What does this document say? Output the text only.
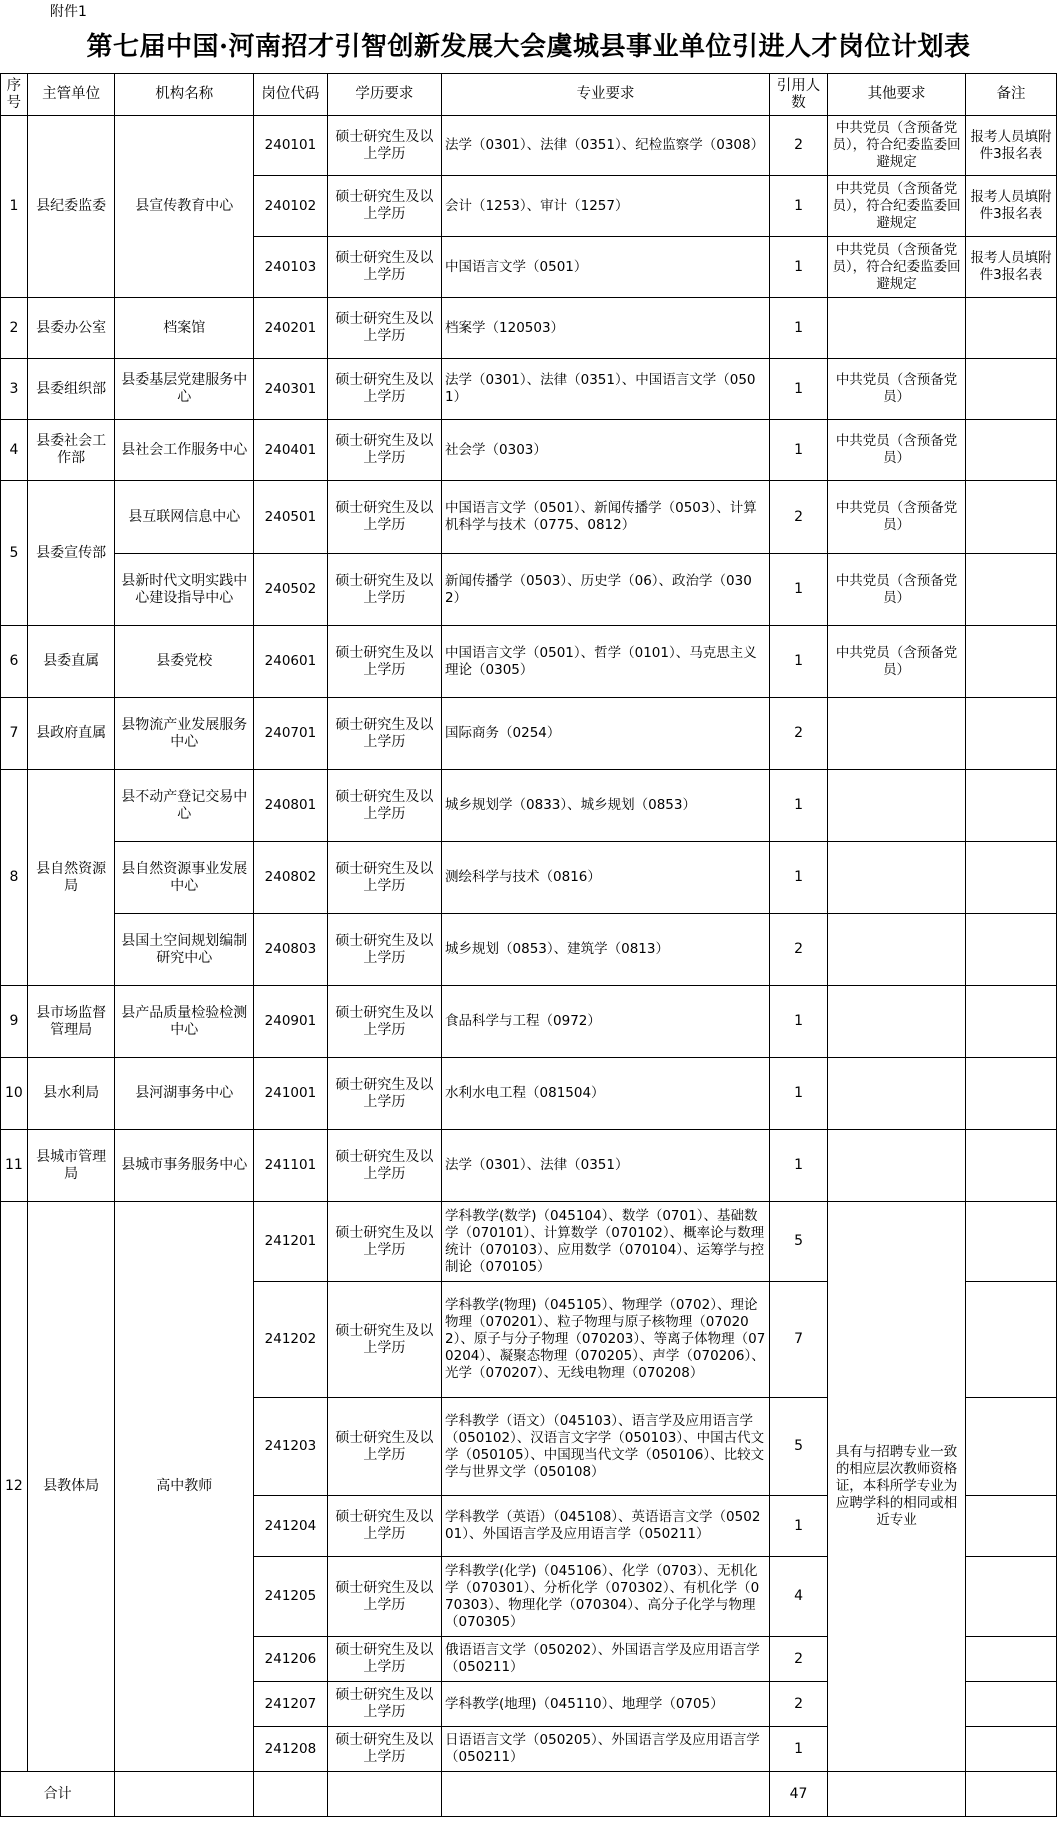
附件1
第七届中国·河南招才引智创新发展大会虞城县事业单位引进人才岗位计划表
序号	主管单位	机构名称	岗位代码	学历要求	专业要求	引用人数	其他要求	备注
1	县纪委监委	县宣传教育中心	240101	硕士研究生及以上学历	法学（0301）、法律（0351）、纪检监察学（0308）	2	中共党员（含预备党员），符合纪委监委回避规定	报考人员填附件3报名表
			240102	硕士研究生及以上学历	会计（1253）、审计（1257）	1	中共党员（含预备党员），符合纪委监委回避规定	报考人员填附件3报名表
			240103	硕士研究生及以上学历	中国语言文学（0501）	1	中共党员（含预备党员），符合纪委监委回避规定	报考人员填附件3报名表
2	县委办公室	档案馆	240201	硕士研究生及以上学历	档案学（120503）	1		
3	县委组织部	县委基层党建服务中心	240301	硕士研究生及以上学历	法学（0301）、法律（0351）、中国语言文学（0501）	1	中共党员（含预备党员）	
4	县委社会工作部	县社会工作服务中心	240401	硕士研究生及以上学历	社会学（0303）	1	中共党员（含预备党员）	
5	县委宣传部	县互联网信息中心	240501	硕士研究生及以上学历	中国语言文学（0501）、新闻传播学（0503）、计算机科学与技术（0775、0812）	2	中共党员（含预备党员）	
		县新时代文明实践中心建设指导中心	240502	硕士研究生及以上学历	新闻传播学（0503）、历史学（06）、政治学（0302）	1	中共党员（含预备党员）	
6	县委直属	县委党校	240601	硕士研究生及以上学历	中国语言文学（0501）、哲学（0101）、马克思主义理论（0305）	1	中共党员（含预备党员）	
7	县政府直属	县物流产业发展服务中心	240701	硕士研究生及以上学历	国际商务（0254）	2		
8	县自然资源局	县不动产登记交易中心	240801	硕士研究生及以上学历	城乡规划学（0833）、城乡规划（0853）	1		
		县自然资源事业发展中心	240802	硕士研究生及以上学历	测绘科学与技术（0816）	1		
		县国土空间规划编制研究中心	240803	硕士研究生及以上学历	城乡规划（0853）、建筑学（0813）	2		
9	县市场监督管理局	县产品质量检验检测中心	240901	硕士研究生及以上学历	食品科学与工程（0972）	1		
10	县水利局	县河湖事务中心	241001	硕士研究生及以上学历	水利水电工程（081504）	1		
11	县城市管理局	县城市事务服务中心	241101	硕士研究生及以上学历	法学（0301）、法律（0351）	1		
12	县教体局	高中教师	241201	硕士研究生及以上学历	学科教学(数学)（045104）、数学（0701）、基础数学（070101）、计算数学（070102）、概率论与数理统计（070103）、应用数学（070104）、运筹学与控制论（070105）	5	具有与招聘专业一致的相应层次教师资格证，本科所学专业为应聘学科的相同或相近专业	
			241202	硕士研究生及以上学历	学科教学(物理)（045105）、物理学（0702）、理论物理（070201）、粒子物理与原子核物理（070202）、原子与分子物理（070203）、等离子体物理（070204）、凝聚态物理（070205）、声学（070206）、光学（070207）、无线电物理（070208）	7		
			241203	硕士研究生及以上学历	学科教学（语文）（045103）、语言学及应用语言学（050102）、汉语言文字学（050103）、中国古代文学（050105）、中国现当代文学（050106）、比较文学与世界文学（050108）	5		
			241204	硕士研究生及以上学历	学科教学（英语）（045108）、英语语言文学（050201）、外国语言学及应用语言学（050211）	1		
			241205	硕士研究生及以上学历	学科教学(化学)（045106）、化学（0703）、无机化学（070301）、分析化学（070302）、有机化学（070303）、物理化学（070304）、高分子化学与物理（070305）	4		
			241206	硕士研究生及以上学历	俄语语言文学（050202）、外国语言学及应用语言学（050211）	2		
			241207	硕士研究生及以上学历	学科教学(地理)（045110）、地理学（0705）	2		
			241208	硕士研究生及以上学历	日语语言文学（050205）、外国语言学及应用语言学（050211）	1		
合计						47		
